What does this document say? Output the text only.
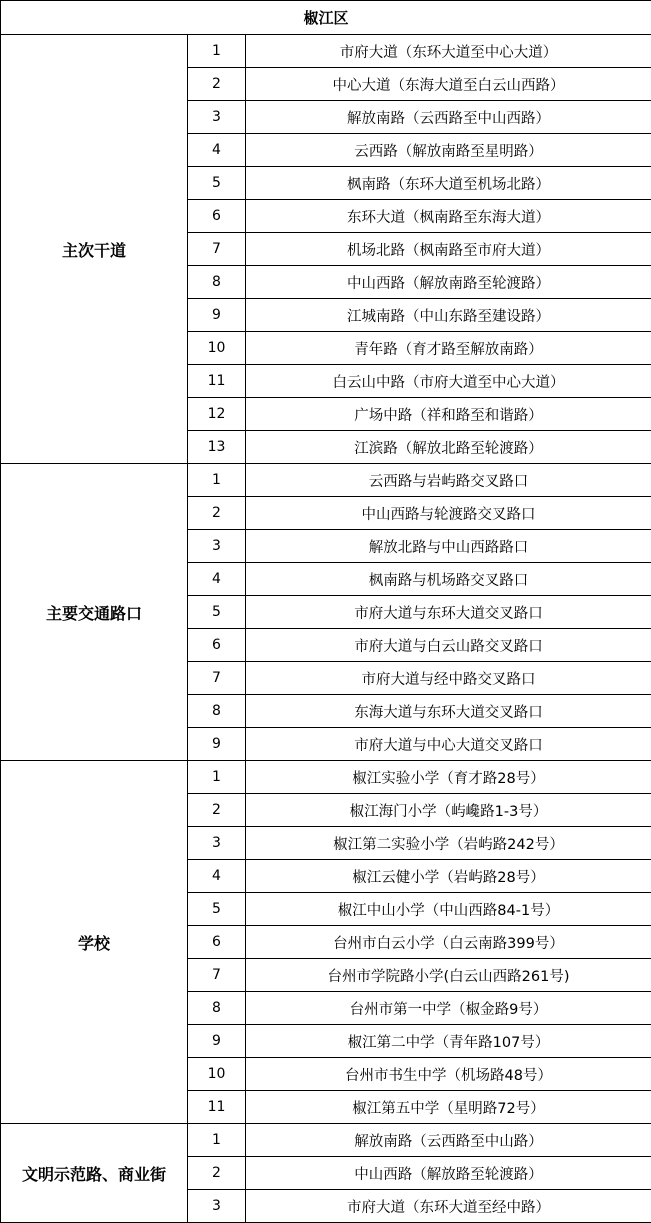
椒江区		
主次干道	1	市府大道（东环大道至中心大道）
	2	中心大道（东海大道至白云山西路）
	3	解放南路（云西路至中山西路）
	4	云西路（解放南路至星明路）
	5	枫南路（东环大道至机场北路）
	6	东环大道（枫南路至东海大道）
	7	机场北路（枫南路至市府大道）
	8	中山西路（解放南路至轮渡路）
	9	江城南路（中山东路至建设路）
	10	青年路（育才路至解放南路）
	11	白云山中路（市府大道至中心大道）
	12	广场中路（祥和路至和谐路）
	13	江滨路（解放北路至轮渡路）
主要交通路口	1	云西路与岩屿路交叉路口
	2	中山西路与轮渡路交叉路口
	3	解放北路与中山西路路口
	4	枫南路与机场路交叉路口
	5	市府大道与东环大道交叉路口
	6	市府大道与白云山路交叉路口
	7	市府大道与经中路交叉路口
	8	东海大道与东环大道交叉路口
	9	市府大道与中心大道交叉路口
学校	1	椒江实验小学（育才路28号）
	2	椒江海门小学（屿巉路1-3号）
	3	椒江第二实验小学（岩屿路242号）
	4	椒江云健小学（岩屿路28号）
	5	椒江中山小学（中山西路84-1号）
	6	台州市白云小学（白云南路399号）
	7	台州市学院路小学(白云山西路261号)
	8	台州市第一中学（椒金路9号）
	9	椒江第二中学（青年路107号）
	10	台州市书生中学（机场路48号）
	11	椒江第五中学（星明路72号）
文明示范路、商业街	1	解放南路（云西路至中山路）
	2	中山西路（解放路至轮渡路）
	3	市府大道（东环大道至经中路）
